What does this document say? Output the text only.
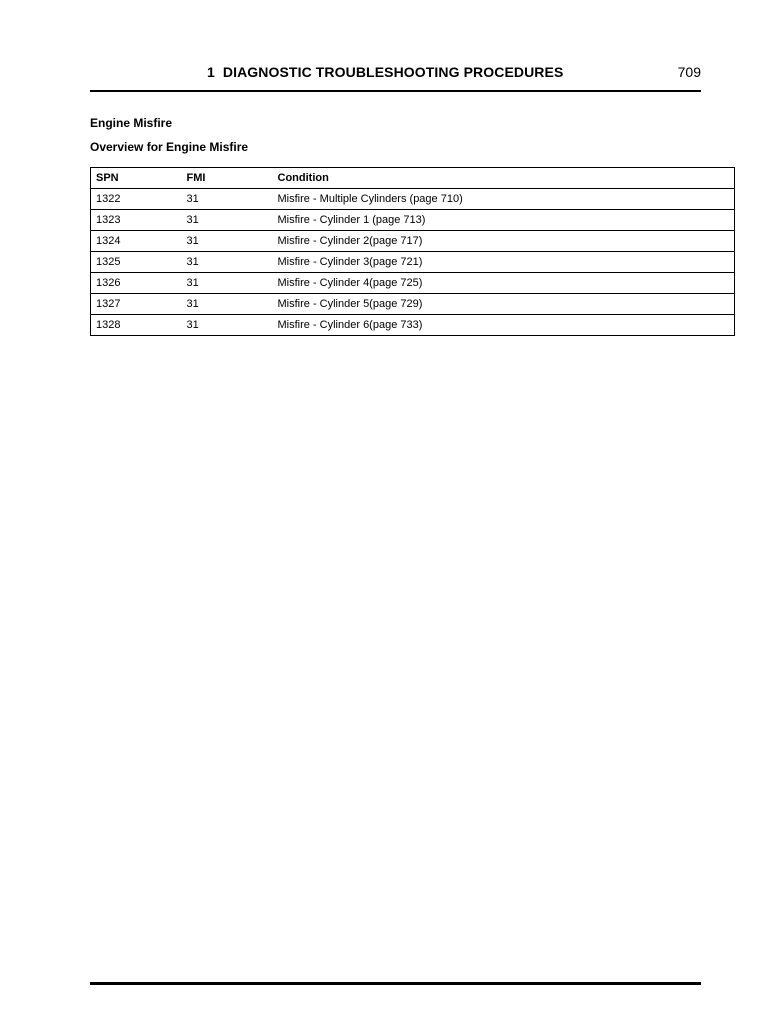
1 DIAGNOSTIC TROUBLESHOOTING PROCEDURES	709
Engine Misfire
Overview for Engine Misfire
SPN	FMI	Condition
1322	31	Misfire - Multiple Cylinders (page 710)
1323	31	Misfire - Cylinder 1 (page 713)
1324	31	Misfire - Cylinder 2(page 717)
1325	31	Misfire - Cylinder 3(page 721)
1326	31	Misfire - Cylinder 4(page 725)
1327	31	Misfire - Cylinder 5(page 729)
1328	31	Misfire - Cylinder 6(page 733)
